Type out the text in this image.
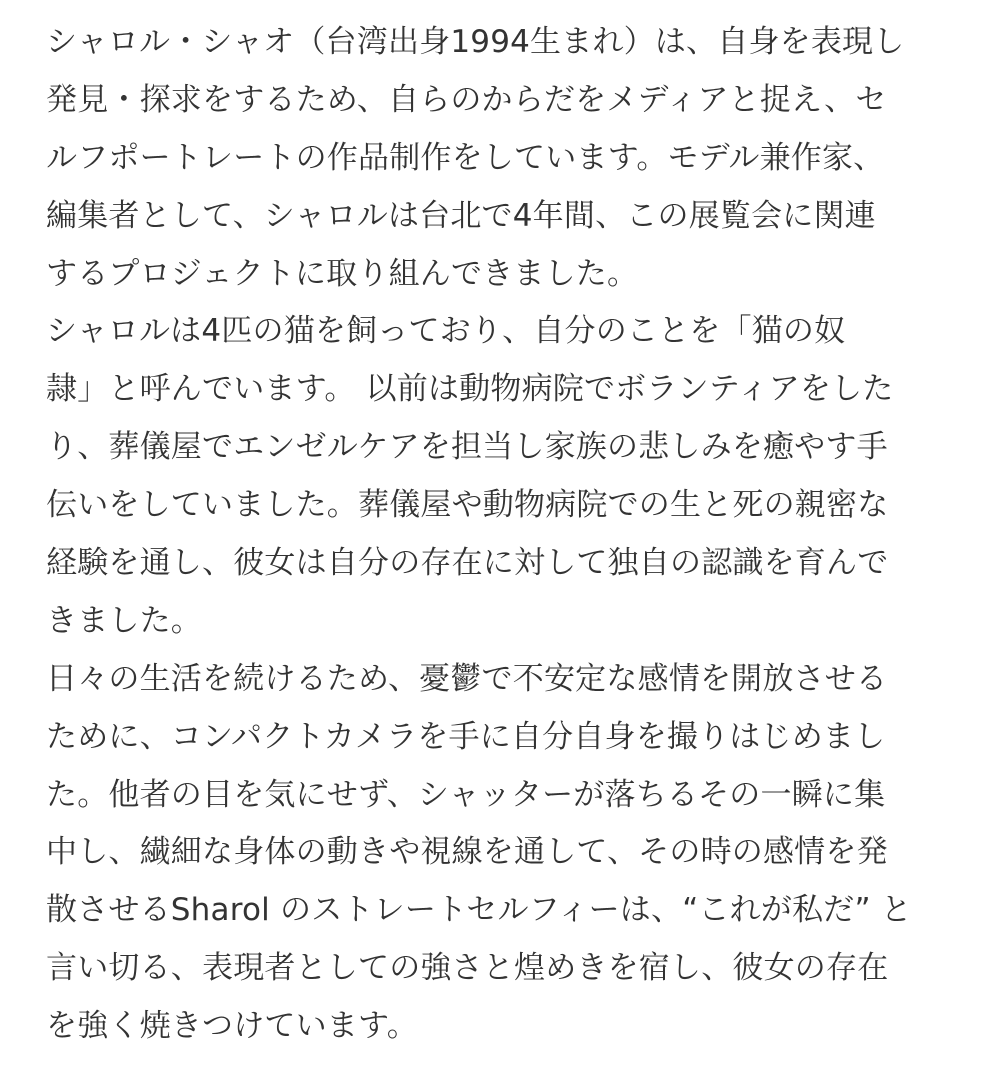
シャロル・シャオ（台湾出身1994生まれ）は、自身を表現し
発見・探求をするため、自らのからだをメディアと捉え、セ
ルフポートレートの作品制作をしています。モデル兼作家、
編集者として、シャロルは台北で4年間、この展覧会に関連
するプロジェクトに取り組んできました。
シャロルは4匹の猫を飼っており、自分のことを「猫の奴
隷」と呼んでいます。 以前は動物病院でボランティアをした
り、葬儀屋でエンゼルケアを担当し家族の悲しみを癒やす手
伝いをしていました。葬儀屋や動物病院での生と死の親密な
経験を通し、彼女は自分の存在に対して独自の認識を育んで
きました。
日々の生活を続けるため、憂鬱で不安定な感情を開放させる
ために、コンパクトカメラを手に自分自身を撮りはじめまし
た。他者の目を気にせず、シャッターが落ちるその一瞬に集
中し、繊細な身体の動きや視線を通して、その時の感情を発
散させるSharol のストレートセルフィーは、“これが私だ” と
言い切る、表現者としての強さと煌めきを宿し、彼女の存在
を強く焼きつけています。
